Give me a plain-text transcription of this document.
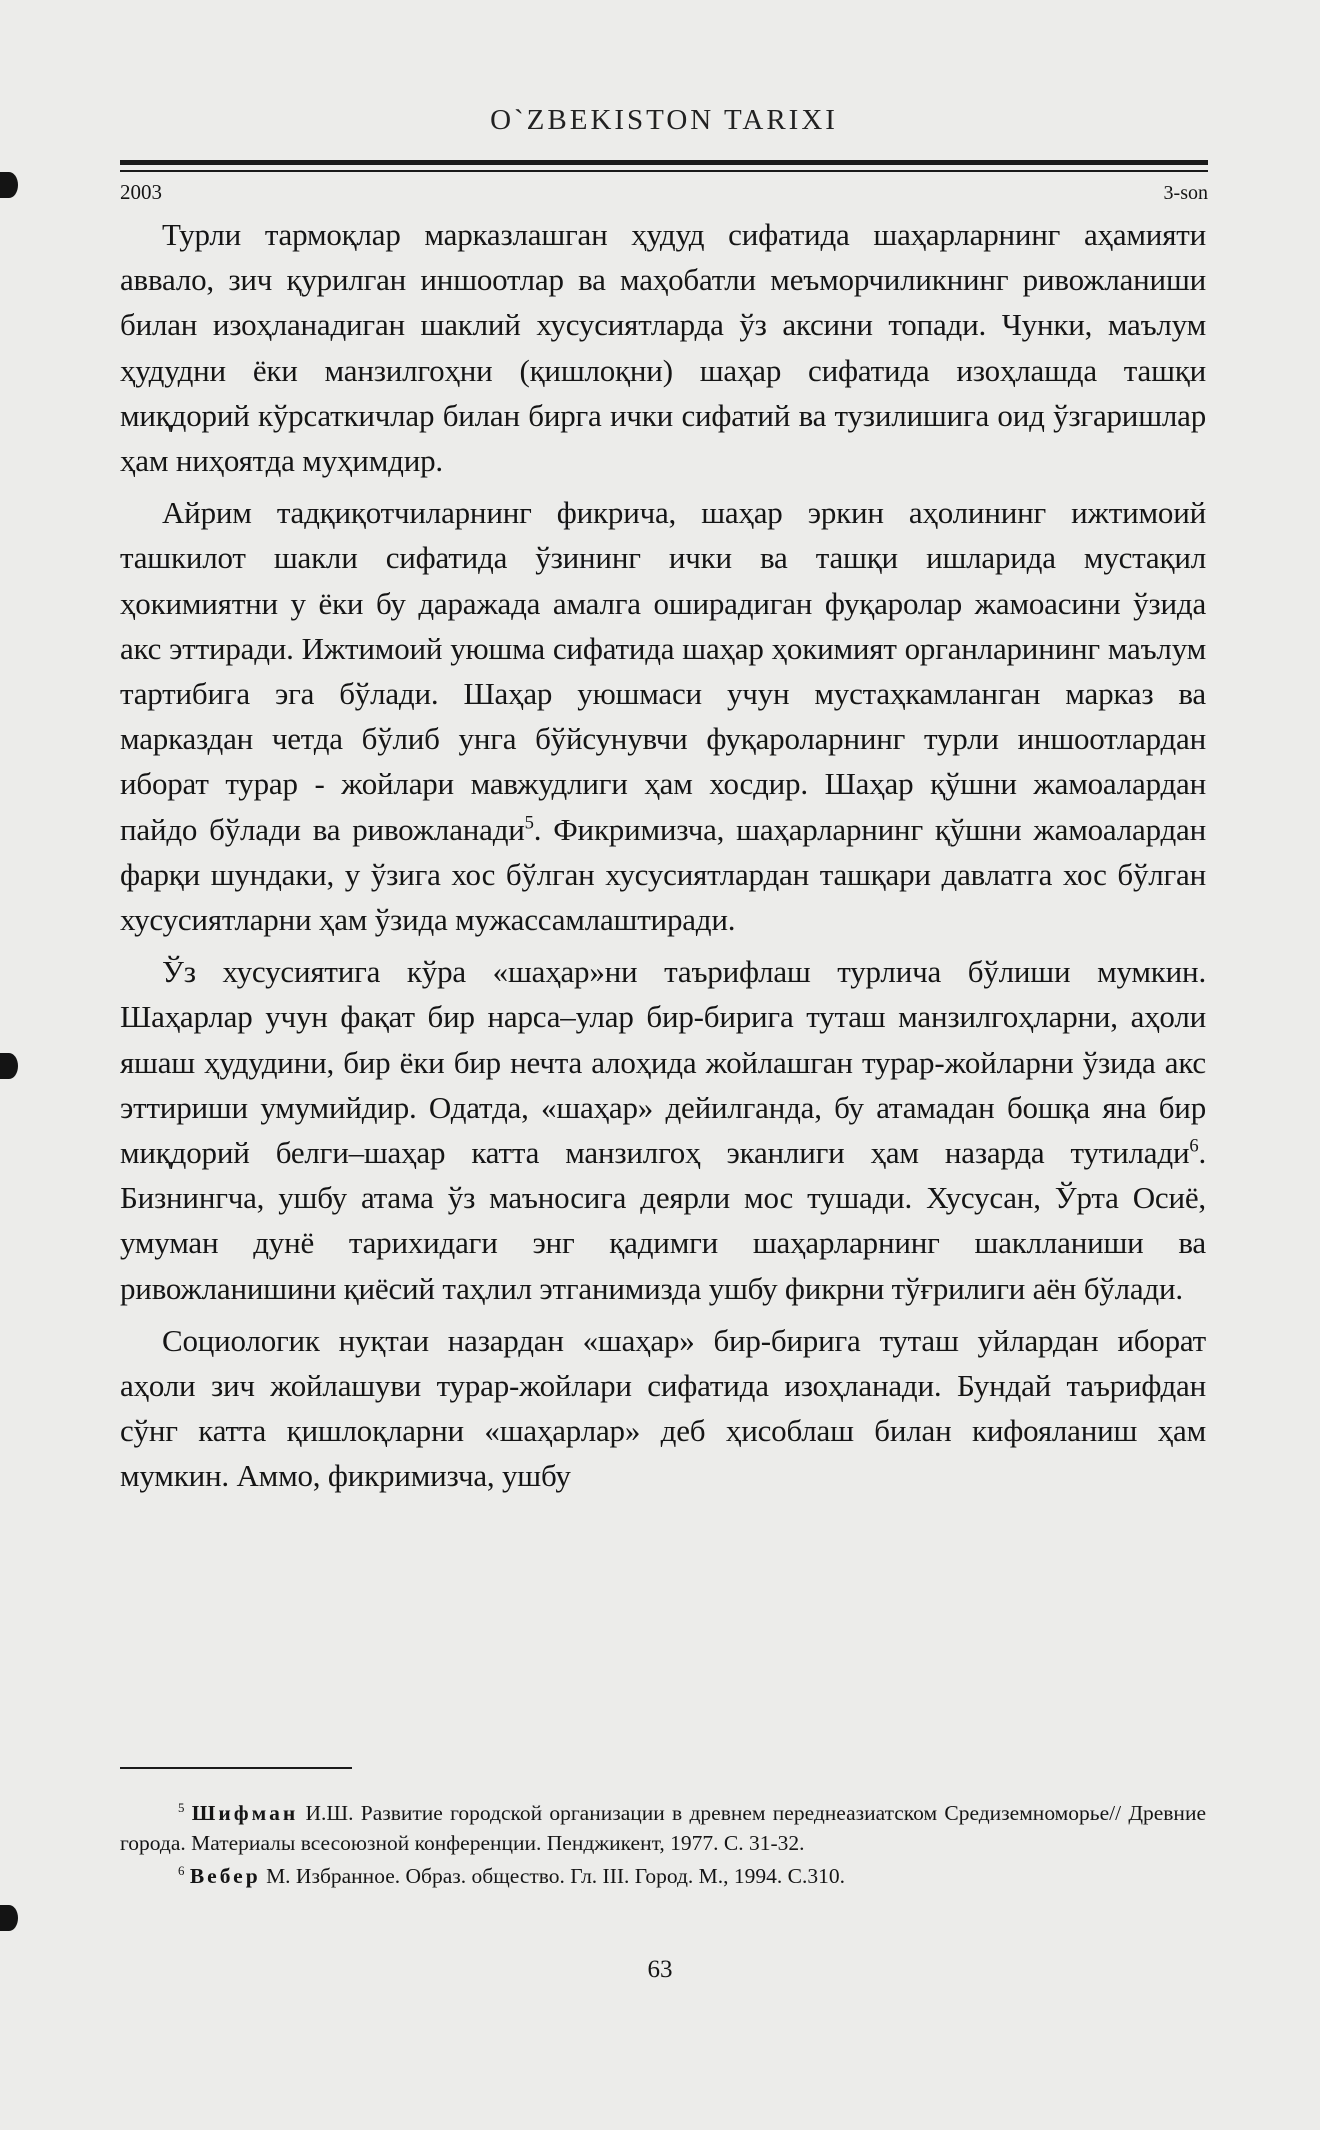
O`ZBEKISTON TARIXI
2003	3-son

Турли тармоқлар марказлашган ҳудуд сифатида шаҳарларнинг аҳамияти аввало, зич қурилган иншоотлар ва маҳобатли меъморчиликнинг ривожланиши билан изоҳланадиган шаклий хусусиятларда ўз аксини топади. Чунки, маълум ҳудудни ёки манзилгоҳни (қишлоқни) шаҳар сифатида изоҳлашда ташқи миқдорий кўрсаткичлар билан бирга ички сифатий ва тузилишига оид ўзгаришлар ҳам ниҳоятда муҳимдир.

Айрим тадқиқотчиларнинг фикрича, шаҳар эркин аҳолининг ижтимоий ташкилот шакли сифатида ўзининг ички ва ташқи ишларида мустақил ҳокимиятни у ёки бу даражада амалга оширадиган фуқаролар жамоасини ўзида акс эттиради. Ижтимоий уюшма сифатида шаҳар ҳокимият органларининг маълум тартибига эга бўлади. Шаҳар уюшмаси учун мустаҳкамланган марказ ва марказдан четда бўлиб унга бўйсунувчи фуқароларнинг турли иншоотлардан иборат турар - жойлари мавжудлиги ҳам хосдир. Шаҳар қўшни жамоалардан пайдо бўлади ва ривожланади$^5$. Фикримизча, шаҳарларнинг қўшни жамоалардан фарқи шундаки, у ўзига хос бўлган хусусиятлардан ташқари давлатга хос бўлган хусусиятларни ҳам ўзида мужассамлаштиради.

Ўз хусусиятига кўра «шаҳар»ни таърифлаш турлича бўлиши мумкин. Шаҳарлар учун фақат бир нарса–улар бир-бирига туташ манзилгоҳларни, аҳоли яшаш ҳудудини, бир ёки бир нечта алоҳида жойлашган турар-жойларни ўзида акс эттириши умумийдир. Одатда, «шаҳар» дейилганда, бу атамадан бошқа яна бир миқдорий белги–шаҳар катта манзилгоҳ эканлиги ҳам назарда тутилади$^6$. Бизнингча, ушбу атама ўз маъносига деярли мос тушади. Хусусан, Ўрта Осиё, умуман дунё тарихидаги энг қадимги шаҳарларнинг шаклланиши ва ривожланишини қиёсий таҳлил этганимизда ушбу фикрни тўғрилиги аён бўлади.

Социологик нуқтаи назардан «шаҳар» бир-бирига туташ уйлардан иборат аҳоли зич жойлашуви турар-жойлари сифатида изоҳланади. Бундай таърифдан сўнг катта қишлоқларни «шаҳарлар» деб ҳисоблаш билан кифояланиш ҳам мумкин. Аммо, фикримизча, ушбу

$^5$ Шифман И.Ш. Развитие городской организации в древнем переднеазиатском Средиземноморье// Древние города. Материалы всесоюзной конференции. Пенджикент, 1977. С. 31-32.

$^6$ Вебер М. Избранное. Образ. общество. Гл. III. Город. М., 1994. С.310.

63
